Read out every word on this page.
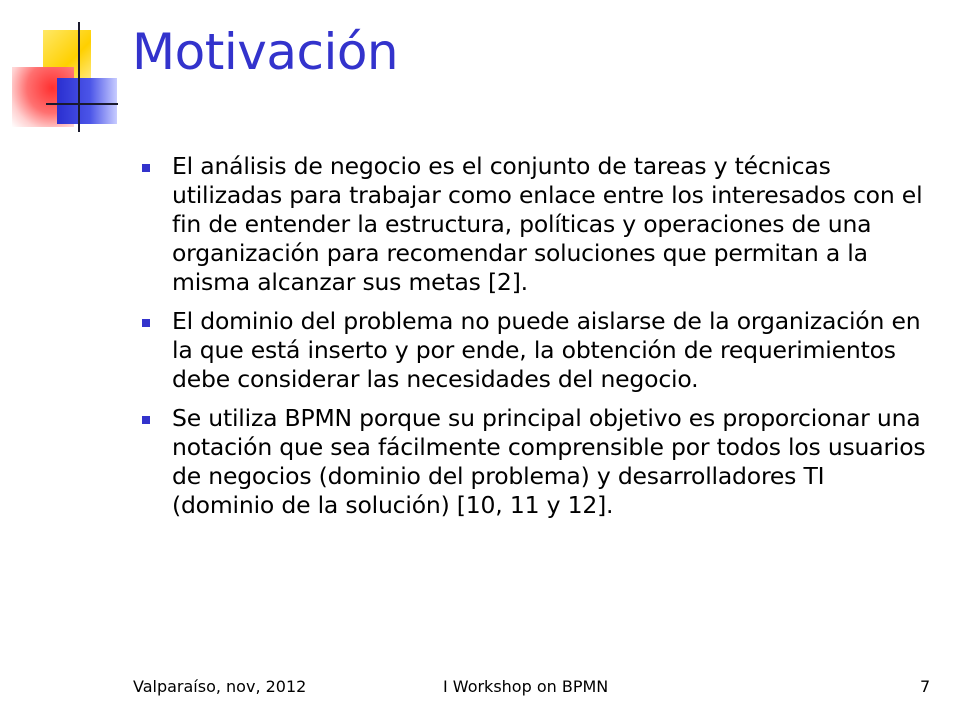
Motivación
El análisis de negocio es el conjunto de tareas y técnicas utilizadas para trabajar como enlace entre los interesados con el fin de entender la estructura, políticas y operaciones de una organización para recomendar soluciones que permitan a la misma alcanzar sus metas [2].
El dominio del problema no puede aislarse de la organización en la que está inserto y por ende, la obtención de requerimientos debe considerar las necesidades del negocio.
Se utiliza BPMN porque su principal objetivo es proporcionar una notación que sea fácilmente comprensible por todos los usuarios de negocios (dominio del problema) y desarrolladores TI (dominio de la solución) [10, 11 y 12].
Valparaíso, nov, 2012	I Workshop on BPMN	7
